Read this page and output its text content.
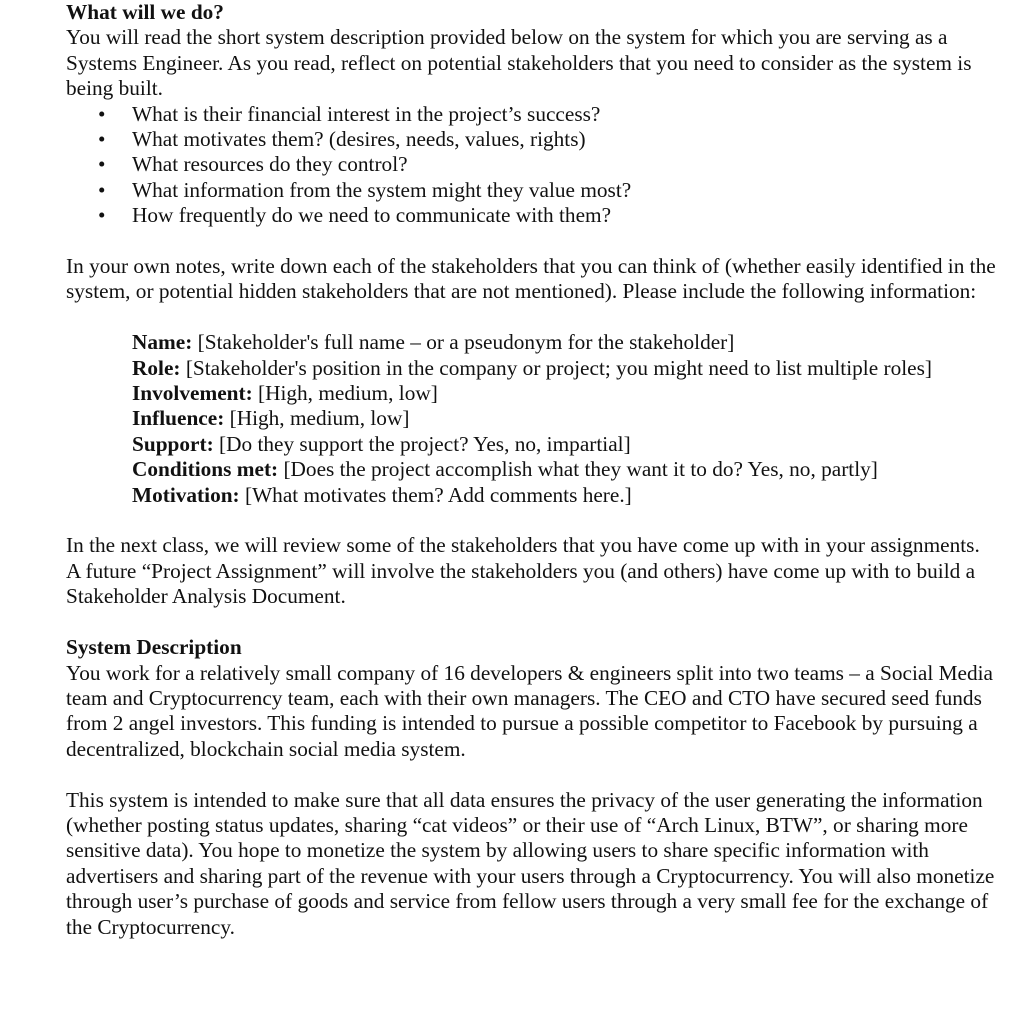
What will we do?

You will read the short system description provided below on the system for which you are serving as a Systems Engineer. As you read, reflect on potential stakeholders that you need to consider as the system is being built.

• What is their financial interest in the project’s success?
• What motivates them? (desires, needs, values, rights)
• What resources do they control?
• What information from the system might they value most?
• How frequently do we need to communicate with them?

In your own notes, write down each of the stakeholders that you can think of (whether easily identified in the system, or potential hidden stakeholders that are not mentioned). Please include the following information:

Name: [Stakeholder's full name – or a pseudonym for the stakeholder]

Role: [Stakeholder's position in the company or project; you might need to list multiple roles]

Involvement: [High, medium, low]

Influence: [High, medium, low]

Support: [Do they support the project? Yes, no, impartial]

Conditions met: [Does the project accomplish what they want it to do? Yes, no, partly]

Motivation: [What motivates them? Add comments here.]

In the next class, we will review some of the stakeholders that you have come up with in your assignments. A future “Project Assignment” will involve the stakeholders you (and others) have come up with to build a Stakeholder Analysis Document.

System Description

You work for a relatively small company of 16 developers & engineers split into two teams – a Social Media team and Cryptocurrency team, each with their own managers. The CEO and CTO have secured seed funds from 2 angel investors. This funding is intended to pursue a possible competitor to Facebook by pursuing a decentralized, blockchain social media system.

This system is intended to make sure that all data ensures the privacy of the user generating the information (whether posting status updates, sharing “cat videos” or their use of “Arch Linux, BTW”, or sharing more sensitive data). You hope to monetize the system by allowing users to share specific information with advertisers and sharing part of the revenue with your users through a Cryptocurrency. You will also monetize through user’s purchase of goods and service from fellow users through a very small fee for the exchange of the Cryptocurrency.
